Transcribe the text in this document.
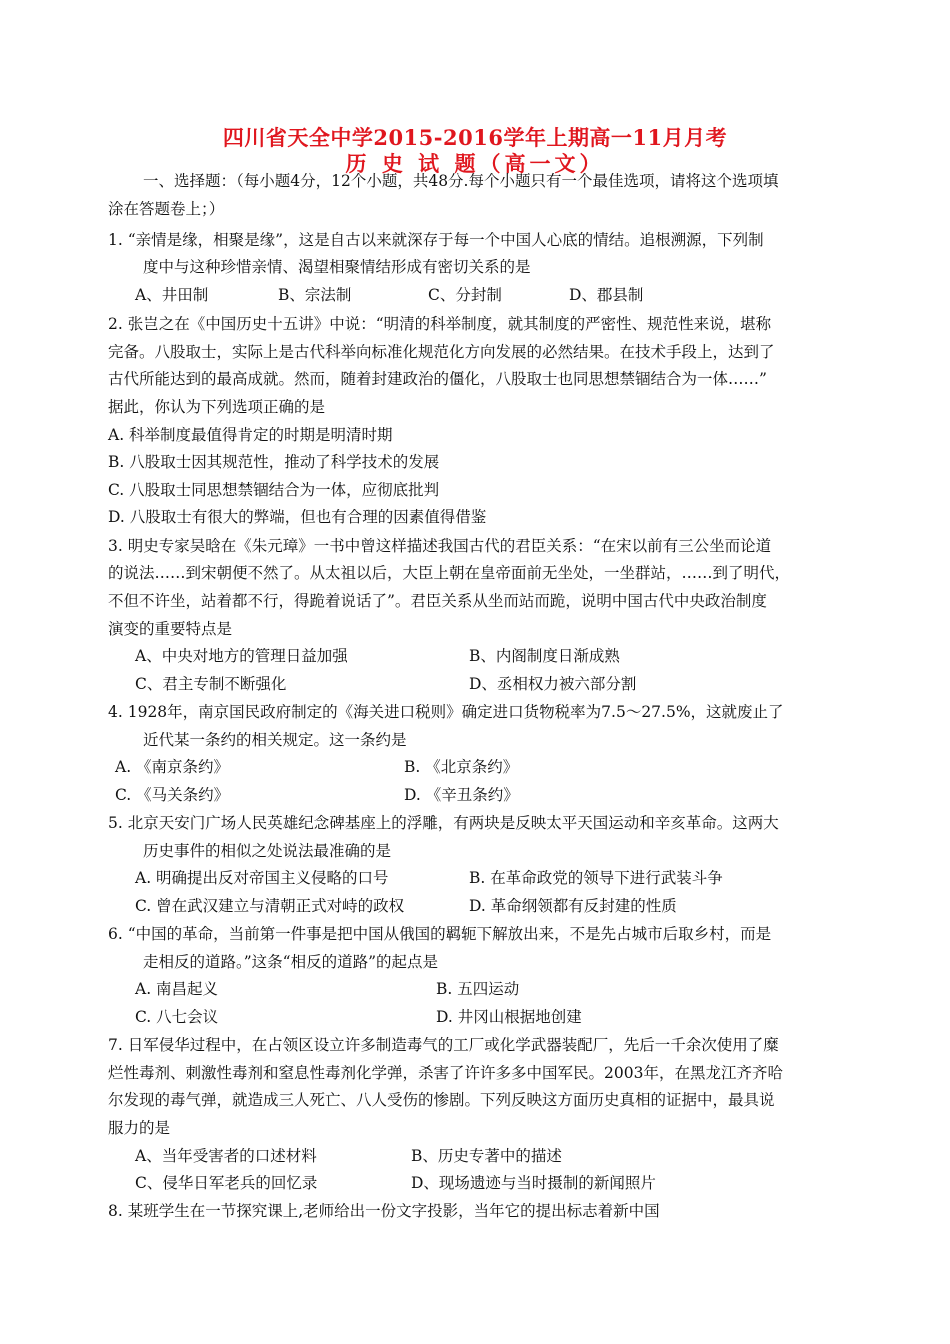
四川省天全中学2015-2016学年上期高一11月月考
历 史 试 题（高一文）
一、选择题：（每小题4分，12个小题，共48分.每个小题只有一个最佳选项，请将这个选项填
涂在答题卷上；）
1. “亲情是缘，相聚是缘”，这是自古以来就深存于每一个中国人心底的情结。追根溯源，下列制
度中与这种珍惜亲情、渴望相聚情结形成有密切关系的是
A、井田制	B、宗法制	C、分封制	D、郡县制
2. 张岂之在《中国历史十五讲》中说：“明清的科举制度，就其制度的严密性、规范性来说，堪称
完备。八股取士，实际上是古代科举向标准化规范化方向发展的必然结果。在技术手段上，达到了
古代所能达到的最高成就。然而，随着封建政治的僵化，八股取士也同思想禁锢结合为一体……”
据此，你认为下列选项正确的是
A. 科举制度最值得肯定的时期是明清时期
B. 八股取士因其规范性，推动了科学技术的发展
C. 八股取士同思想禁锢结合为一体，应彻底批判
D. 八股取士有很大的弊端，但也有合理的因素值得借鉴
3. 明史专家吴晗在《朱元璋》一书中曾这样描述我国古代的君臣关系：“在宋以前有三公坐而论道
的说法……到宋朝便不然了。从太祖以后，大臣上朝在皇帝面前无坐处，一坐群站，……到了明代，
不但不许坐，站着都不行，得跪着说话了”。君臣关系从坐而站而跪，说明中国古代中央政治制度
演变的重要特点是
A、中央对地方的管理日益加强	B、内阁制度日渐成熟
C、君主专制不断强化	D、丞相权力被六部分割
4. 1928年，南京国民政府制定的《海关进口税则》确定进口货物税率为7.5～27.5%，这就废止了
近代某一条约的相关规定。这一条约是
A. 《南京条约》	B. 《北京条约》
C. 《马关条约》	D. 《辛丑条约》
5. 北京天安门广场人民英雄纪念碑基座上的浮雕，有两块是反映太平天国运动和辛亥革命。这两大
历史事件的相似之处说法最准确的是
A. 明确提出反对帝国主义侵略的口号	B. 在革命政党的领导下进行武装斗争
C. 曾在武汉建立与清朝正式对峙的政权	D. 革命纲领都有反封建的性质
6. “中国的革命，当前第一件事是把中国从俄国的羁轭下解放出来，不是先占城市后取乡村，而是
走相反的道路。”这条“相反的道路”的起点是
A. 南昌起义	B. 五四运动
C. 八七会议	D. 井冈山根据地创建
7. 日军侵华过程中，在占领区设立许多制造毒气的工厂或化学武器装配厂，先后一千余次使用了糜
烂性毒剂、刺激性毒剂和窒息性毒剂化学弹，杀害了许许多多中国军民。2003年，在黑龙江齐齐哈
尔发现的毒气弹，就造成三人死亡、八人受伤的惨剧。下列反映这方面历史真相的证据中，最具说
服力的是
A、当年受害者的口述材料	B、历史专著中的描述
C、侵华日军老兵的回忆录	D、现场遗迹与当时摄制的新闻照片
8. 某班学生在一节探究课上,老师给出一份文字投影，当年它的提出标志着新中国
